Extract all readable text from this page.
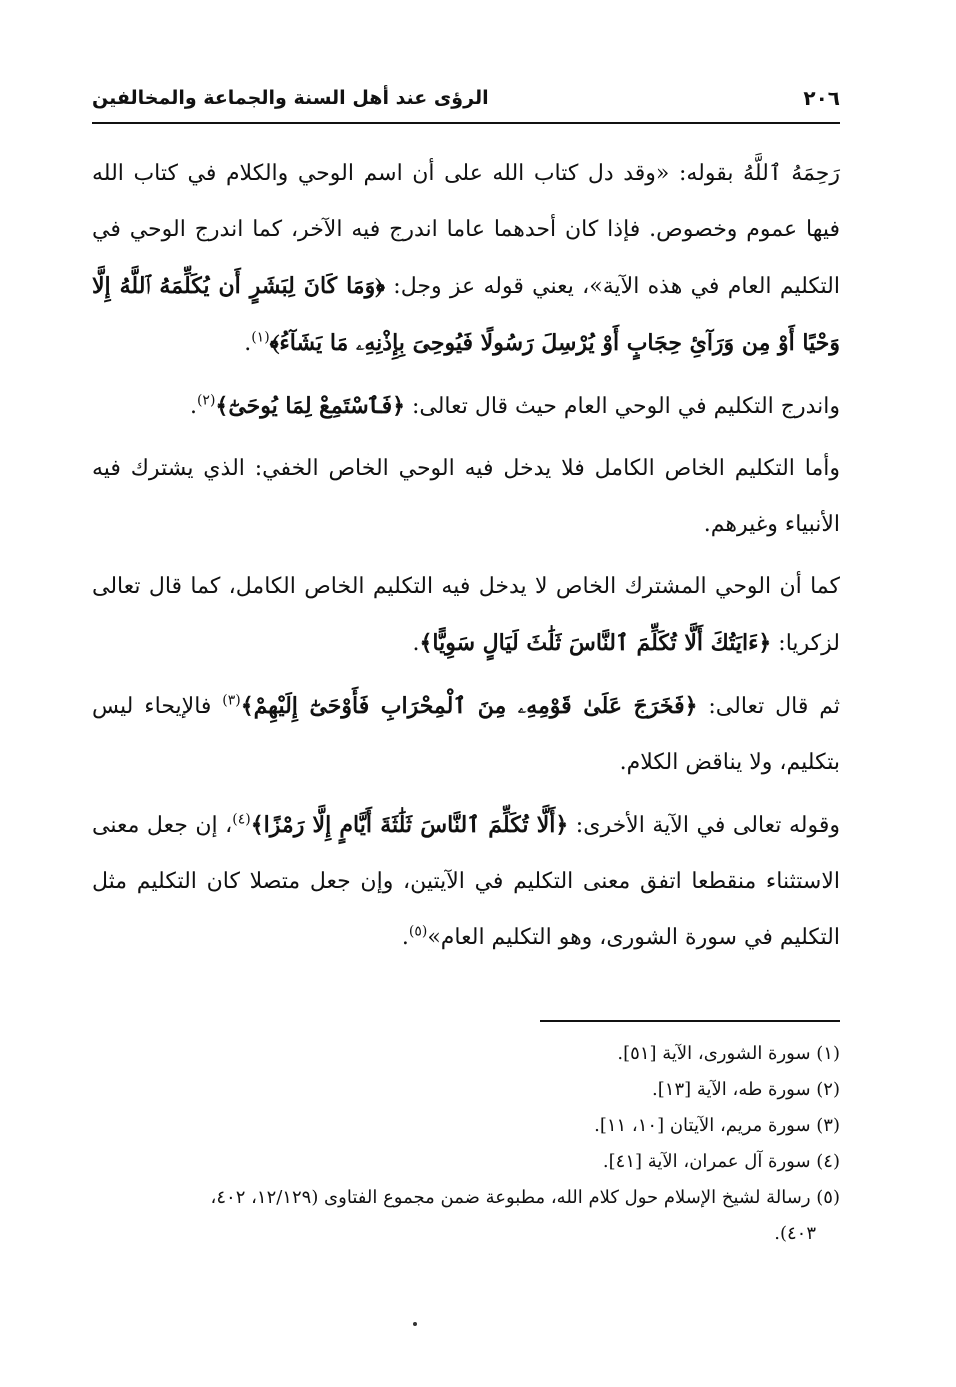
٢٠٦
الرؤى عند أهل السنة والجماعة والمخالفين

رَحِمَهُ ٱللَّهُ بقوله: «وقد دل كتاب الله على أن اسم الوحي والكلام في كتاب الله فيها عموم وخصوص. فإذا كان أحدهما عاما اندرج فيه الآخر، كما اندرج الوحي في التكليم العام في هذه الآية»، يعني قوله عز وجل: ﴿وَمَا كَانَ لِبَشَرٍ أَن يُكَلِّمَهُ ٱللَّهُ إِلَّا وَحْيًا أَوْ مِن وَرَآئِ حِجَابٍ أَوْ يُرْسِلَ رَسُولًا فَيُوحِىَ بِإِذْنِهِۦ مَا يَشَآءُ﴾$^{(١)}$.

واندرج التكليم في الوحي العام حيث قال تعالى: ﴿فَٱسْتَمِعْ لِمَا يُوحَىٰٓ﴾$^{(٢)}$.

وأما التكليم الخاص الكامل فلا يدخل فيه الوحي الخاص الخفي: الذي يشترك فيه الأنبياء وغيرهم.

كما أن الوحي المشترك الخاص لا يدخل فيه التكليم الخاص الكامل، كما قال تعالى لزكريا: ﴿ءَايَتُكَ أَلَّا تُكَلِّمَ ٱلنَّاسَ ثَلَٰثَ لَيَالٍ سَوِيًّا﴾.

ثم قال تعالى: ﴿فَخَرَجَ عَلَىٰ قَوْمِهِۦ مِنَ ٱلْمِحْرَابِ فَأَوْحَىٰٓ إِلَيْهِمْ﴾$^{(٣)}$ فالإيحاء ليس بتكليم، ولا يناقض الكلام.

وقوله تعالى في الآية الأخرى: ﴿أَلَّا تُكَلِّمَ ٱلنَّاسَ ثَلَٰثَةَ أَيَّامٍ إِلَّا رَمْزًا﴾$^{(٤)}$، إن جعل معنى الاستثناء منقطعا اتفق معنى التكليم في الآيتين، وإن جعل متصلا كان التكليم مثل التكليم في سورة الشورى، وهو التكليم العام»$^{(٥)}$.

(١) سورة الشورى، الآية [٥١].

(٢) سورة طه، الآية [١٣].

(٣) سورة مريم، الآيتان [١٠، ١١].

(٤) سورة آل عمران، الآية [٤١].

(٥) رسالة لشيخ الإسلام حول كلام الله، مطبوعة ضمن مجموع الفتاوى (١٢/١٢٩، ٤٠٢،

٤٠٣).
